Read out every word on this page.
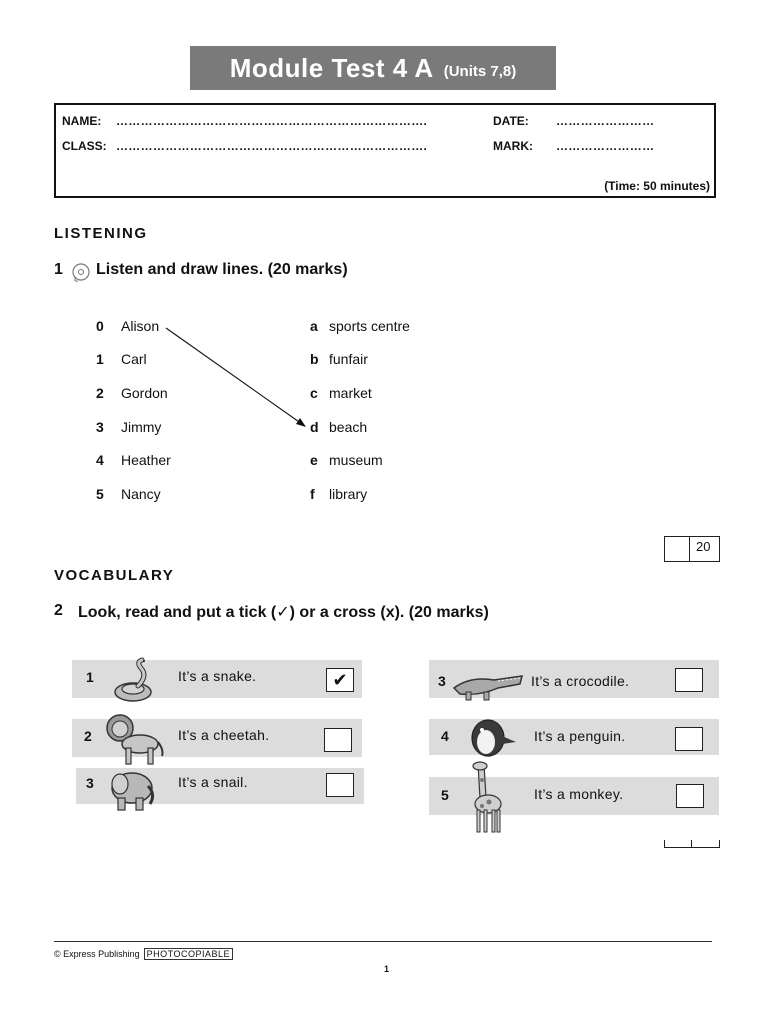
Module Test 4 A (Units 7,8)
NAME: ………………………………………………………………….	DATE: ……………………
CLASS: ………………………………………………………………….	MARK: ……………………
(Time: 50 minutes)
LISTENING
1 Listen and draw lines. (20 marks)
0 Alison
1 Carl
2 Gordon
3 Jimmy
4 Heather
5 Nancy
a sports centre
b funfair
c market
d beach
e museum
f library
20
VOCABULARY
2 Look, read and put a tick (✓) or a cross (x). (20 marks)
1	It’s a snake.	✔
2	It’s a cheetah.
3	It’s a snail.
3	It’s a crocodile.
4	It’s a penguin.
5	It’s a monkey.
© Express Publishing PHOTOCOPIABLE
1
